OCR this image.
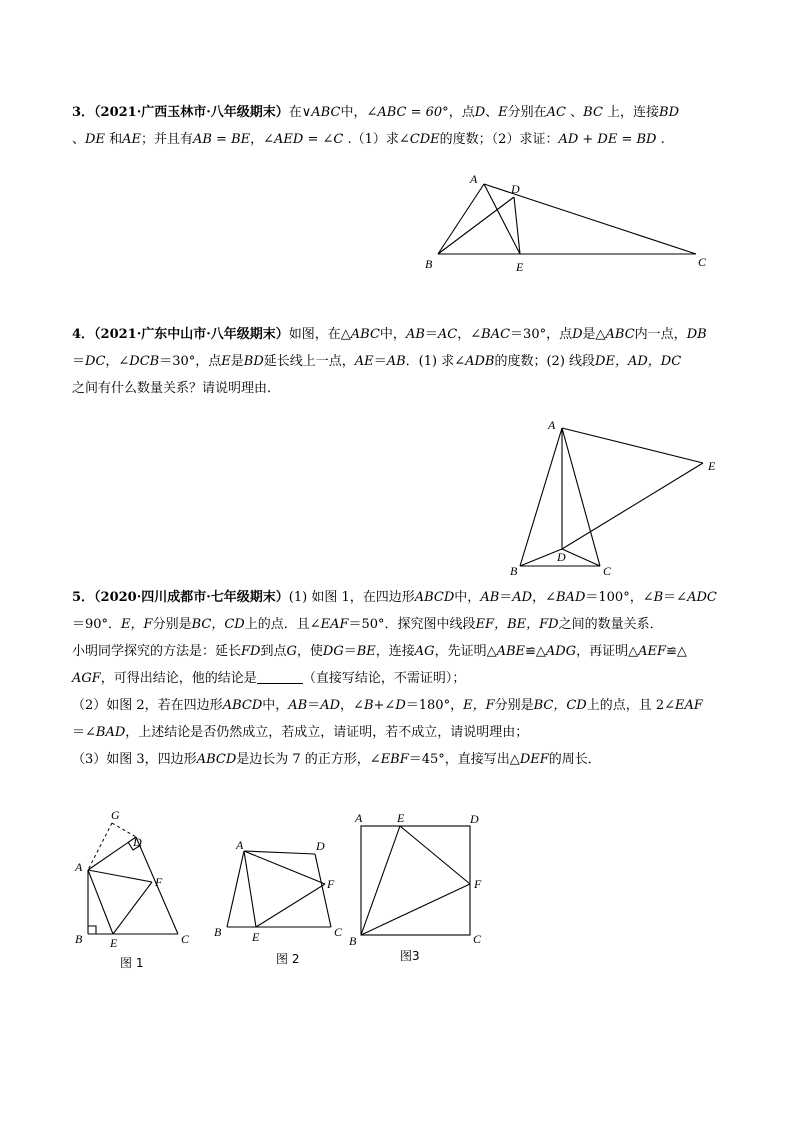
3．（2021·广西玉林市·八年级期末）在∨ABC中，∠ABC = 60°，点D、E分别在AC 、BC 上，连接BD
、DE 和AE；并且有AB = BE，∠AED = ∠C .（1）求∠CDE的度数；（2）求证：AD + DE = BD .

A
D
B	E	C

4．（2021·广东中山市·八年级期末）如图，在△ABC中，AB＝AC，∠BAC＝30°，点D是△ABC内一点，DB
＝DC，∠DCB＝30°，点E是BD延长线上一点，AE＝AB．(1) 求∠ADB的度数；(2) 线段DE，AD，DC
之间有什么数量关系？请说明理由．

A
E
D
B	C
5．（2020·四川成都市·七年级期末）(1) 如图 1，在四边形ABCD中，AB＝AD，∠BAD＝100°，∠B＝∠ADC
＝90°．E，F分别是BC，CD上的点．且∠EAF＝50°．探究图中线段EF，BE，FD之间的数量关系．
小明同学探究的方法是：延长FD到点G，使DG＝BE，连接AG，先证明△ABE≌△ADG，再证明△AEF≌△
AGF，可得出结论，他的结论是	（直接写结论，不需证明）；
（2）如图 2，若在四边形ABCD中，AB＝AD，∠B+∠D＝180°，E，F分别是BC，CD上的点，且 2∠EAF
＝∠BAD，上述结论是否仍然成立，若成立，请证明，若不成立，请说明理由；
（3）如图 3，四边形ABCD是边长为 7 的正方形，∠EBF＝45°，直接写出△DEF的周长．
G
D
A
F
B E	C
图 1
A	D
F
B	E	C
图 2
A	E	D
F
B	C
图3
